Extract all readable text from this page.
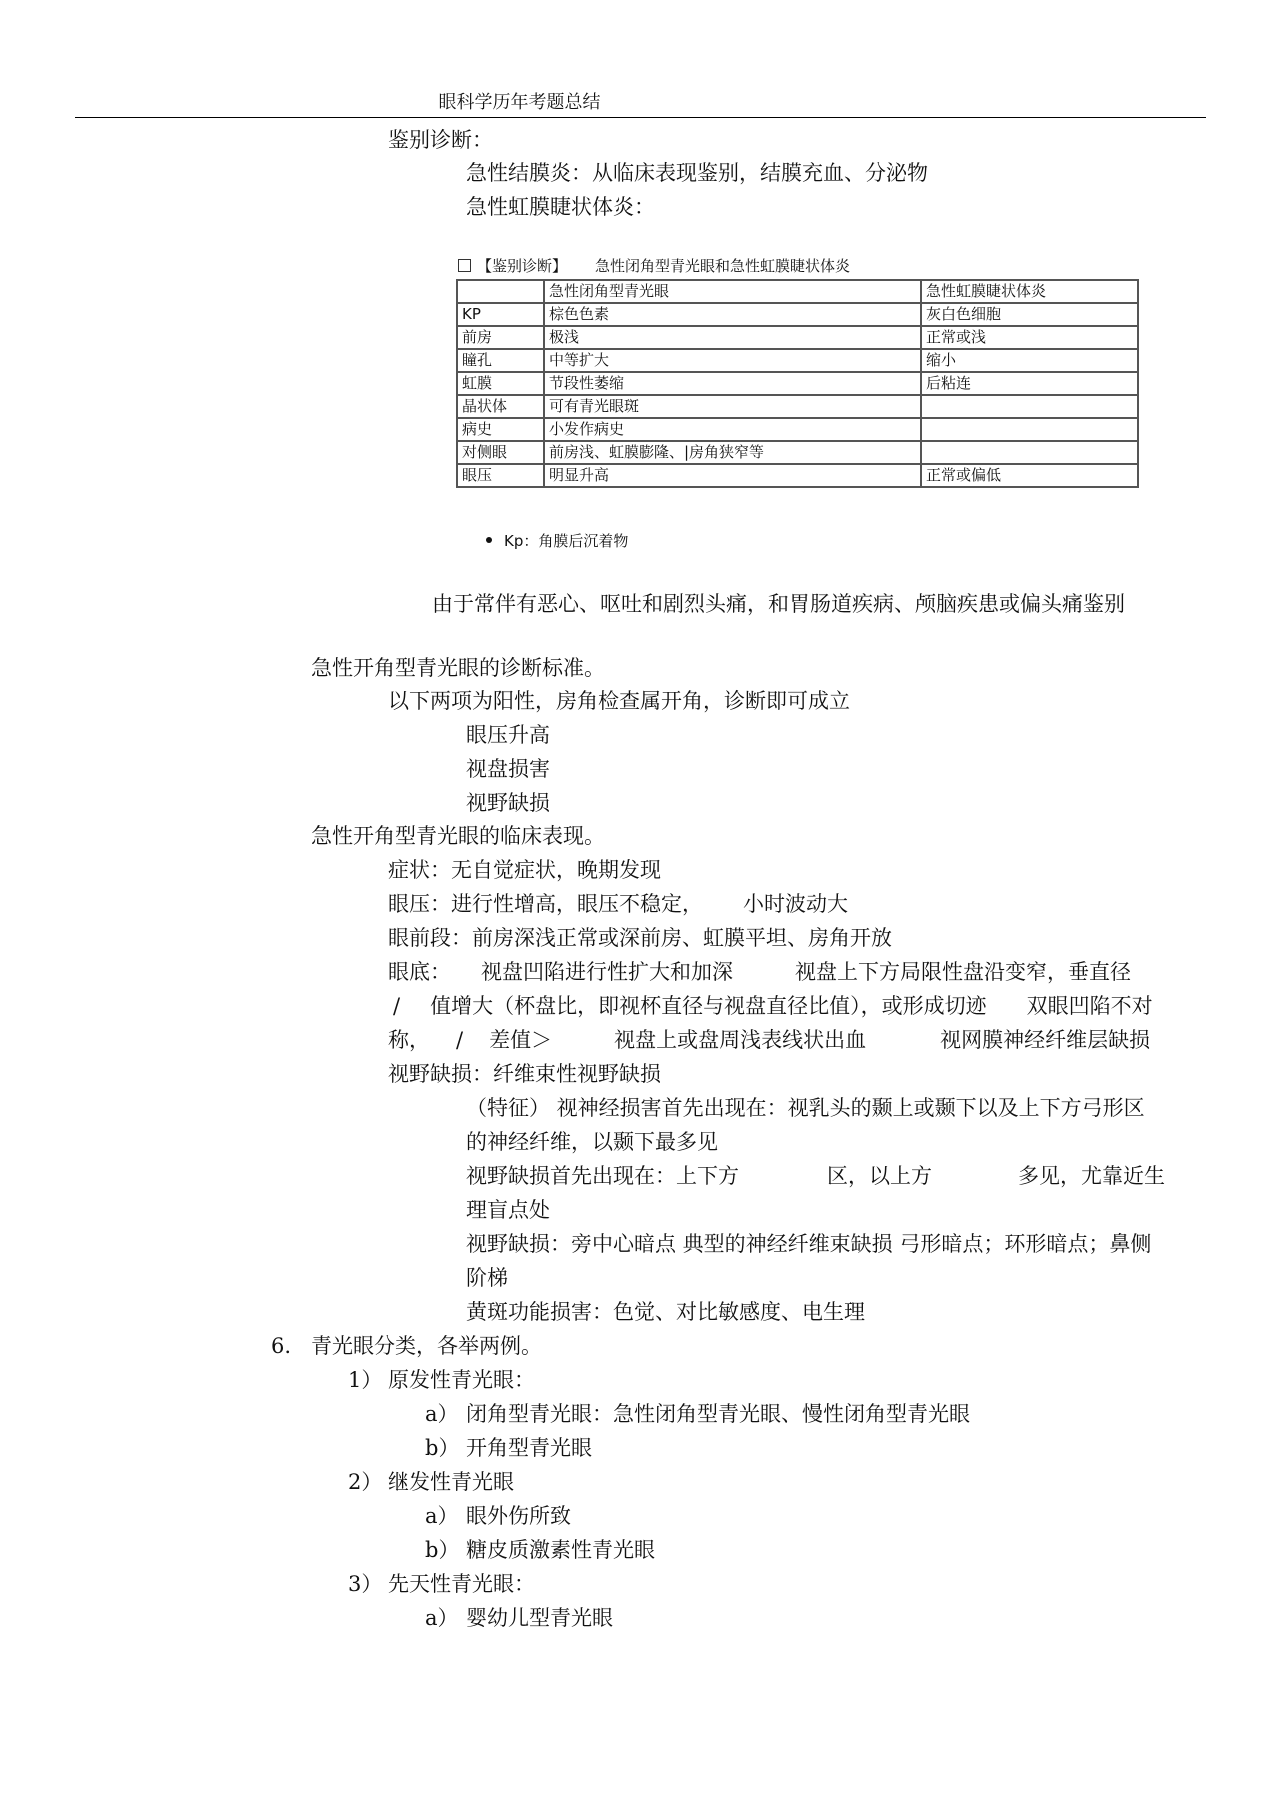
眼科学历年考题总结
鉴别诊断：
急性结膜炎：从临床表现鉴别，结膜充血、分泌物
急性虹膜睫状体炎：
【鉴别诊断】 急性闭角型青光眼和急性虹膜睫状体炎
	急性闭角型青光眼	急性虹膜睫状体炎
KP	棕色色素	灰白色细胞
前房	极浅	正常或浅
瞳孔	中等扩大	缩小
虹膜	节段性萎缩	后粘连
晶状体	可有青光眼斑	
病史	小发作病史	
对侧眼	前房浅、虹膜膨隆、|房角狭窄等	
眼压	明显升高	正常或偏低
Kp：角膜后沉着物
由于常伴有恶心、呕吐和剧烈头痛，和胃肠道疾病、颅脑疾患或偏头痛鉴别
急性开角型青光眼的诊断标准。
以下两项为阳性，房角检查属开角，诊断即可成立
眼压升高
视盘损害
视野缺损
急性开角型青光眼的临床表现。
症状：无自觉症状，晚期发现
眼压：进行性增高，眼压不稳定， 小时波动大
眼前段：前房深浅正常或深前房、虹膜平坦、房角开放
眼底： 视盘凹陷进行性扩大和加深	视盘上下方局限性盘沿变窄，垂直径
/ 值增大（杯盘比，即视杯直径与视盘直径比值），或形成切迹 双眼凹陷不对
称， / 差值＞	视盘上或盘周浅表线状出血	视网膜神经纤维层缺损
视野缺损：纤维束性视野缺损
（特征） 视神经损害首先出现在：视乳头的颞上或颞下以及上下方弓形区
的神经纤维，以颞下最多见
视野缺损首先出现在：上下方	区，以上方	多见，尤靠近生
理盲点处
视野缺损：旁中心暗点 典型的神经纤维束缺损 弓形暗点；环形暗点；鼻侧
阶梯
黄斑功能损害：色觉、对比敏感度、电生理
6. 青光眼分类，各举两例。
1） 原发性青光眼：
a） 闭角型青光眼：急性闭角型青光眼、慢性闭角型青光眼
b） 开角型青光眼
2） 继发性青光眼
a） 眼外伤所致
b） 糖皮质激素性青光眼
3） 先天性青光眼：
a） 婴幼儿型青光眼
